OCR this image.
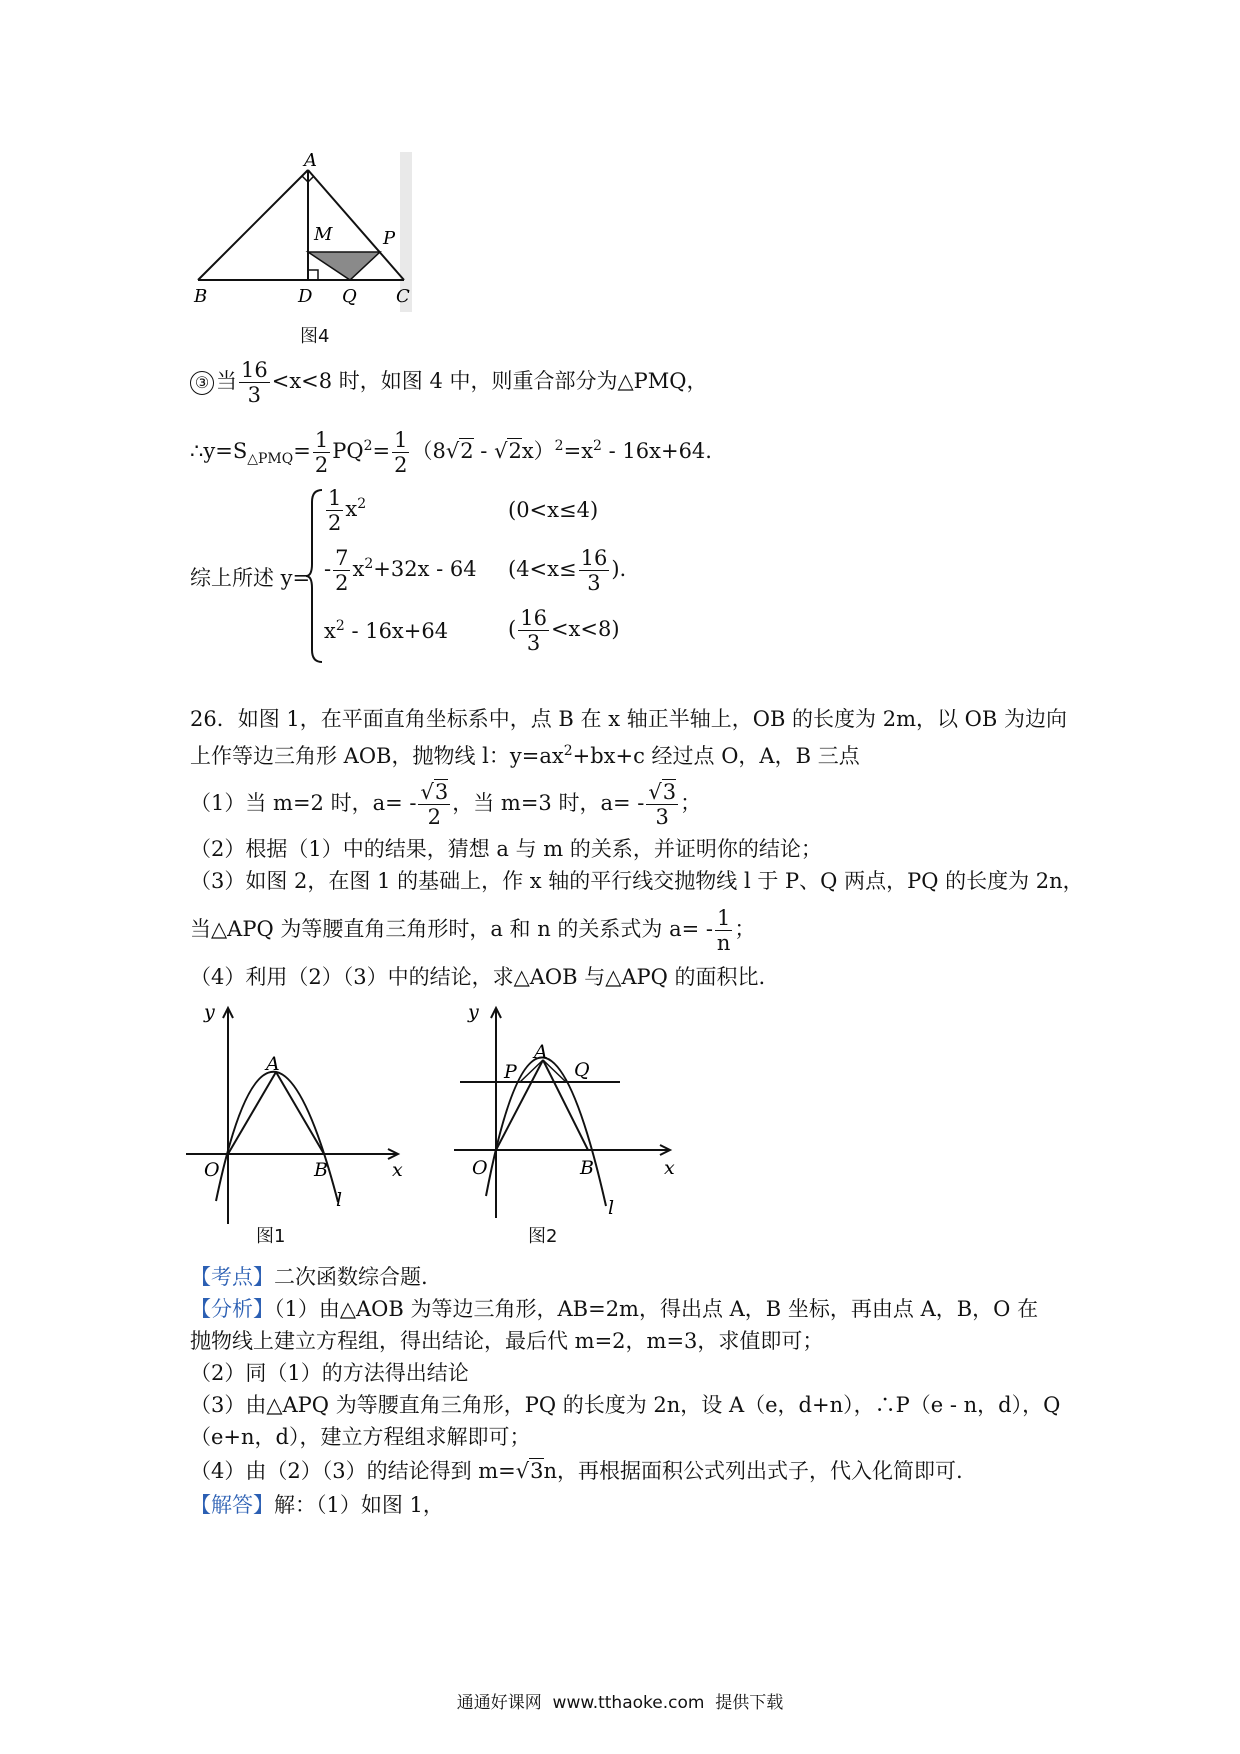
A
M	P
B	D Q C
图4
③ 当 $\frac{16}{3} <x<8$ 时，如图 4 中，则重合部分为△PMQ，
$\therefore y=S_{\triangle PMQ}= \frac{1}{2} PQ^2= \frac{1}{2} (8√2 - √2x)^2=x^2 - 16x+64$.
综上所述 y=
$\frac{1}{2} x^2$	(0<x≤4)
- $\frac{7}{2} x^2+32x - 64$ ($4<x\le \frac{16}{3}$ ).
$x^2 - 16x+64$	( $\frac{16}{3} <x<8$)
26．如图 1，在平面直角坐标系中，点 B 在 x 轴正半轴上，OB 的长度为 2m，以 OB 为边向
上作等边三角形 AOB，抛物线 l：$y=ax^2+bx+c$ 经过点 O，A，B 三点
（1）当 m=2 时，$a= - \frac{√3}{2}$ ，当 m=3 时，$a= - \frac{√3}{3}$ ；
（2）根据（1）中的结果，猜想 a 与 m 的关系，并证明你的结论；
（3）如图 2，在图 1 的基础上，作 x 轴的平行线交抛物线 l 于 P、Q 两点，PQ 的长度为 2n，
当△APQ 为等腰直角三角形时，a 和 n 的关系式为 $a= - \frac{1}{n}$ ；
（4）利用（2）（3）中的结论，求△AOB 与△APQ 的面积比.
y
A
O	B	x
l
图1
y
A
P	Q
O	B	x
l
图2
【考点】二次函数综合题.
【分析】（1）由△AOB 为等边三角形，AB=2m，得出点 A，B 坐标，再由点 A，B，O 在
抛物线上建立方程组，得出结论，最后代 m=2，m=3，求值即可；
（2）同（1）的方法得出结论
（3）由△APQ 为等腰直角三角形，PQ 的长度为 2n，设 A（e，d+n），∴P（e - n，d），Q
（e+n，d），建立方程组求解即可；
（4）由（2）（3）的结论得到 m=√3n，再根据面积公式列出式子，代入化简即可.
【解答】解：（1）如图 1，
通通好课网  www.tthaoke.com  提供下载
